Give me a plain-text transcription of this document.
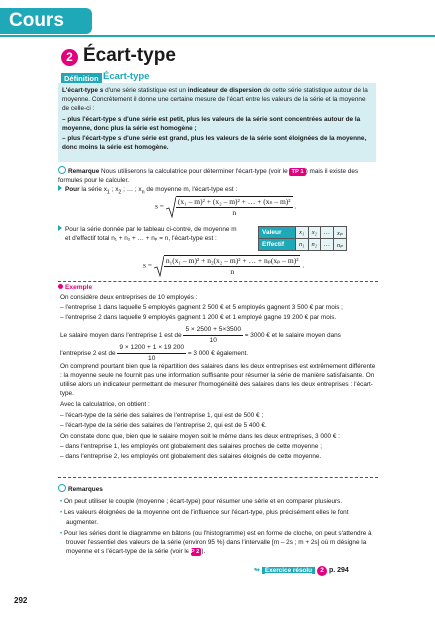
Cours
2 Écart-type
Définition Écart-type

L'écart-type s d'une série statistique est un indicateur de dispersion de cette série statistique autour de la moyenne. Concrètement il donne une certaine mesure de l'écart entre les valeurs de la série et la moyenne de celle-ci :

– plus l'écart-type s d'une série est petit, plus les valeurs de la série sont concentrées autour de la moyenne, donc plus la série est homogène ;

– plus l'écart-type s d'une série est grand, plus les valeurs de la série sont éloignées de la moyenne, donc moins la série est homogène.

Remarque Nous utiliserons la calculatrice pour déterminer l'écart-type (voir le TP 1 ) mais il existe des formules pour le calculer.
Pour la série $x_1$ ; $x_2$ ; … ; $x_n$ de moyenne m, l'écart-type est :
$s = \frac{\text{(x₁ – m)² + (x₂ – m)² + … + (xₙ – m)²}}{n}$ .
Pour la série donnée par le tableau ci-contre, de moyenne m
et d'effectif total n₁ + n₂ + … + nₚ = n, l'écart-type est :
Valeur	x₁	x₂	…	xₚ
Effectif	n₁	n₂	…	nₚ
$s = \frac{\text{n₁(x₁ – m)² + n₂(x₂ – m)² + … + nₚ(xₚ – m)²}}{n}$ .
Exemple
On considère deux entreprises de 10 employés :
– l'entreprise 1 dans laquelle 5 employés gagnent 2 500 € et 5 employés gagnent 3 500 € par mois ;
– l'entreprise 2 dans laquelle 9 employés gagnent 1 200 € et 1 employé gagne 19 200 € par mois.
Le salaire moyen dans l'entreprise 1 est de $\frac{5 \times 2500 + 5\times 3500}{10} = 3000$ € et le salaire moyen dans
l'entreprise 2 est de $\frac{9 \times 1200 + 1 \times 19 200}{10} = 3$ 000 € également.
On comprend pourtant bien que la répartition des salaires dans les deux entreprises est extrêmement différente : la moyenne seule ne fournit pas une information suffisante pour résumer la série de manière satisfaisante. On utilise alors un indicateur permettant de mesurer l'homogénéité des salaires dans les deux entreprises : l'écart-type.
Avec la calculatrice, on obtient :
– l'écart-type de la série des salaires de l'entreprise 1, qui est de 500 € ;
– l'écart-type de la série des salaires de l'entreprise 2, qui est de 5 400 €.
On constate donc que, bien que le salaire moyen soit le même dans les deux entreprises, 3 000 € :
– dans l'entreprise 1, les employés ont globalement des salaires proches de cette moyenne ;
– dans l'entreprise 2, les employés ont globalement des salaires éloignés de cette moyenne.
Remarques
• On peut utiliser le couple (moyenne ; écart-type) pour résumer une série et en comparer plusieurs.
• Les valeurs éloignées de la moyenne ont de l'influence sur l'écart-type, plus précisément elles le font augmenter.
• Pour les séries dont le diagramme en bâtons (ou l'histogramme) est en forme de cloche, on peut s'attendre à trouver l'essentiel des valeurs de la série (environ 95 %) dans l'intervalle [m – 2s ; m + 2s] où m désigne la moyenne et s l'écart-type de la série (voir le TP 2 ).
↬ Exercice résolu 2 p. 294
292
